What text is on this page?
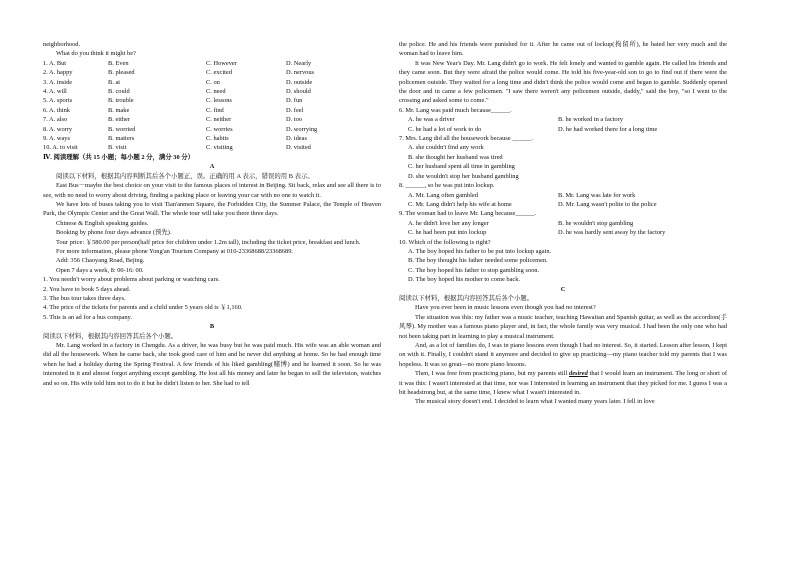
neighborhood.
What do you think it might be?
1. A. But	B. Even	C. However	D. Nearly
2. A. happy	B. pleased	C. excited	D. nervous
3. A. inside	B. at	C. on	D. outside
4. A. will	B. could	C. need	D. should
5. A. sports	B. trouble	C. lessons	D. fun
6. A. think	B. make	C. find	D. feel
7. A. also	B. either	C. neither	D. too
8. A. worry	B. worried	C. worries	D. worrying
9. A. ways	B. matters	C. habits	D. ideas
10. A. to visit	B. visit	C. visiting	D. visited
Ⅳ. 阅读理解（共 15 小题；每小题 2 分，满分 30 分）
A

阅读以下材料，根据其内容判断其后各个小题正、误。正确的用 A 表示，错误的用 B 表示。

East Bus－maybe the best choice on your visit to the famous places of interest in Beijing. Sit back, relax and see all there is to see, with no need to worry about driving, finding a parking place or leaving your car with no one to watch it.

We have lots of buses taking you to visit Tian'anmen Square, the Forbidden City, the Summer Palace, the Temple of Heaven Park, the Olympic Center and the Great Wall. The whole tour will take you there three days.

Chinese & English speaking guides.

Booking by phone four days advance (预先).

Tour price: ￥580.00 per person(half price for children under 1.2m tall), including the ticket price, breakfast and lunch.

For more information, please phone Yong'an Tourism Company at 010-23368688/23368689.

Add: 356 Chaoyang Road, Bejing.

Open 7 days a week, 8: 00-16: 00.

1. You needn't worry about problems about parking or watching cars.
2. You have to book 5 days ahead.
3. The bus tour takes three days.
4. The price of the tickets for parents and a child under 5 years old is ￥1,160.
5. This is an ad for a bus company.
B

阅读以下材料，根据其内容回答其后各个小题。

Mr. Lang worked in a factory in Chengdu. As a driver, he was busy but he was paid much. His wife was an able woman and did all the housework. When he came back, she took good care of him and he never did anything at home. So he had enough time when he had a holiday during the Spring Festival. A few friends of his liked gambling(赌博) and he learned it soon. So he was interested in it and almost forgot anything except gambling. He lost all his money and later he began to sell the television, watches and so on. His wife told him not to do it but he didn't listen to her. She had to tell

the police. He and his friends were punished for it. After he came out of lockup(拘留所), he hated her very much and the woman had to leave him.

It was New Year's Day. Mr. Lang didn't go to work. He felt lonely and wanted to gamble again. He called his friends and they came soon. But they were afraid the police would come. He told his five-year-old son to go to find out if there were the policemen outside. They waited for a long time and didn't think the police would come and began to gamble. Suddenly opened the door and in came a few policemen. "I saw there weren't any policemen outside, daddy," said the boy, "so I went to the crossing and asked some to come."

6. Mr. Lang was paid much because______.
A. he was a driver	B. he worked in a factory
C. he had a lot of work to do	D. he had worked there for a long time
7. Mrs. Lang did all the housework because ______.
A. she couldn't find any work
B. she thought her husband was tired
C. her husband spent all time in gambling
D. she wouldn't stop her husband gambling
8. ______, so he was put into lockup.
A. Mr. Lang often gambled	B. Mr. Lang was late for work
C. Mr. Lang didn't help his wife at home	D. Mr. Lang wasn't polite to the police
9. The woman had to leave Mr. Lang because______.
A. he didn't love her any longer	B. he wouldn't stop gambling
C. he had been put into lockup	D. he was hardly sent away by the factory
10. Which of the following is right?
A. The boy hoped his father to be put into lockup again.
B. The boy thought his father needed some policemen.
C. The boy hoped his father to stop gambling soon.
D. The boy hoped his mother to come back.
C

阅读以下材料，根据其内容回答其后各个小题。

Have you ever been in music lessons even though you had no interest?

The situation was this: my father was a music teacher, teaching Hawaiian and Spanish guitar, as well as the accordion(手风琴). My mother was a famous piano player and, in fact, the whole family was very musical. I had been the only one who had not been taking part in learning to play a musical instrument.

And, as a lot of families do, I was in piano lessons even though I had no interest. So, it started. Lesson after lesson, I kept on with it. Finally, I couldn't stand it anymore and decided to give up practicing—my piano teacher told my parents that I was hopeless. It was so great—no more piano lessons.

Then, I was free from practicing piano, but my parents still desired that I would learn an instrument. The long or short of it was this: I wasn't interested at that time, nor was I interested in learning an instrument that they picked for me. I guess I was a bit headstrong but, at the same time, I knew what I wasn't interested in.

The musical story doesn't end. I decided to learn what I wanted many years later. I fell in love
